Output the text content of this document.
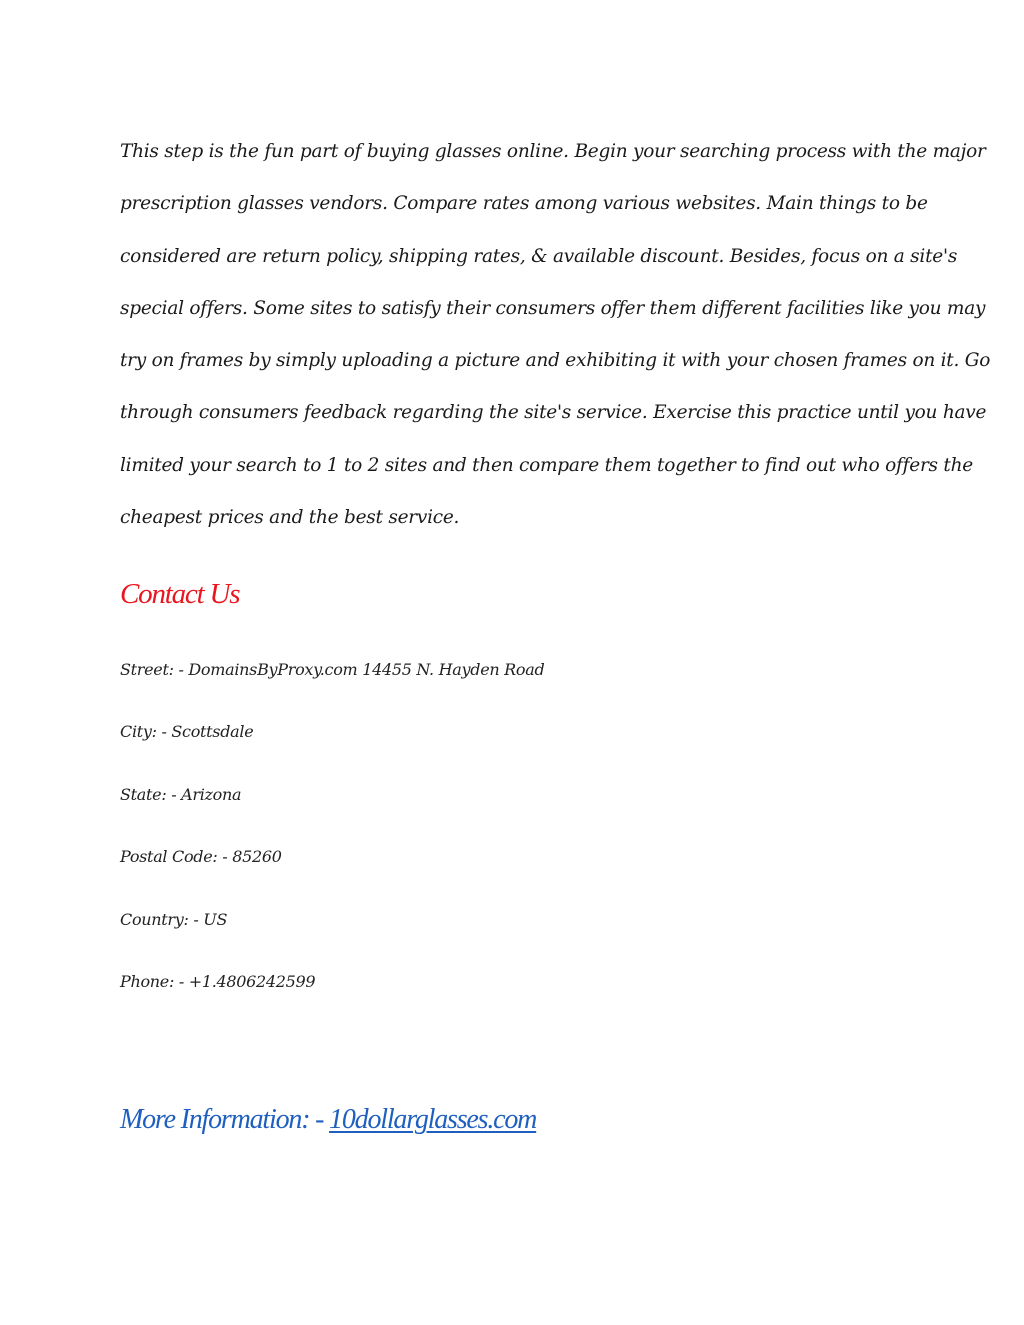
This step is the fun part of buying glasses online. Begin your searching process with the major
prescription glasses vendors. Compare rates among various websites. Main things to be
considered are return policy, shipping rates, & available discount. Besides, focus on a site's
special offers. Some sites to satisfy their consumers offer them different facilities like you may
try on frames by simply uploading a picture and exhibiting it with your chosen frames on it. Go
through consumers feedback regarding the site's service. Exercise this practice until you have
limited your search to 1 to 2 sites and then compare them together to find out who offers the
cheapest prices and the best service.

Contact Us

Street: - DomainsByProxy.com 14455 N. Hayden Road

City: - Scottsdale

State: - Arizona

Postal Code: - 85260

Country: - US

Phone: - +1.4806242599

More Information: - 10dollarglasses.com
